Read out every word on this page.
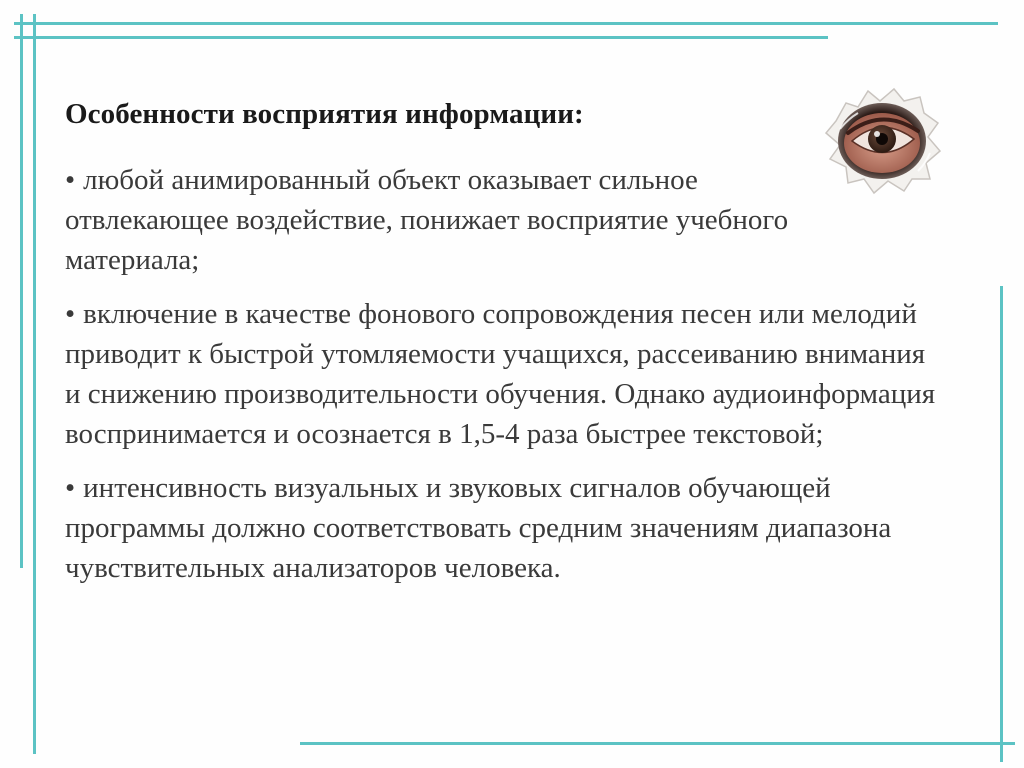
Особенности восприятия информации:
• любой анимированный объект оказывает сильное отвлекающее воздействие, понижает восприятие учебного материала;
• включение в качестве фонового сопровождения песен или мелодий приводит к быстрой утомляемости учащихся, рассеиванию внимания и снижению производительности обучения. Однако аудиоинформация воспринимается и осознается в 1,5-4 раза быстрее текстовой;
• интенсивность визуальных и звуковых сигналов обучающей программы должно соответствовать средним значениям диапазона чувствительных анализаторов человека.
